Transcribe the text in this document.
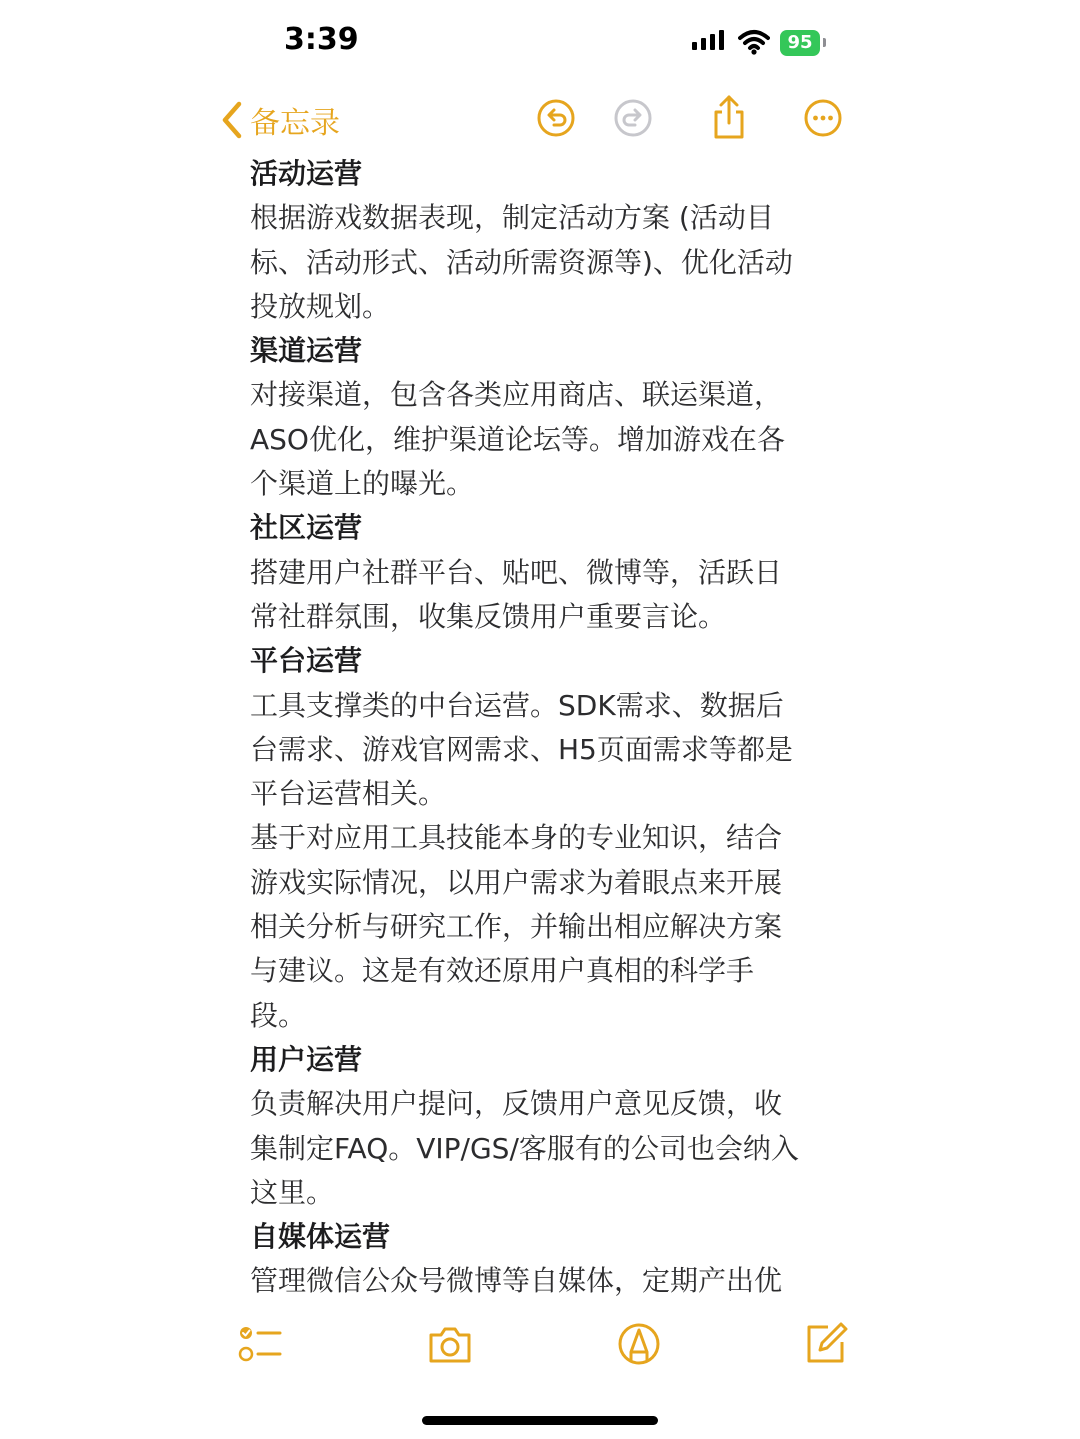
3:39	95
备忘录
活动运营
根据游戏数据表现，制定活动方案 (活动目
标、活动形式、活动所需资源等)、优化活动
投放规划。
渠道运营
对接渠道，包含各类应用商店、联运渠道，
ASO优化，维护渠道论坛等。增加游戏在各
个渠道上的曝光。
社区运营
搭建用户社群平台、贴吧、微博等，活跃日
常社群氛围，收集反馈用户重要言论。
平台运营
工具支撑类的中台运营。SDK需求、数据后
台需求、游戏官网需求、H5页面需求等都是
平台运营相关。
基于对应用工具技能本身的专业知识，结合
游戏实际情况，以用户需求为着眼点来开展
相关分析与研究工作，并输出相应解决方案
与建议。这是有效还原用户真相的科学手
段。
用户运营
负责解决用户提问，反馈用户意见反馈，收
集制定FAQ。VIP/GS/客服有的公司也会纳入
这里。
自媒体运营
管理微信公众号微博等自媒体，定期产出优
